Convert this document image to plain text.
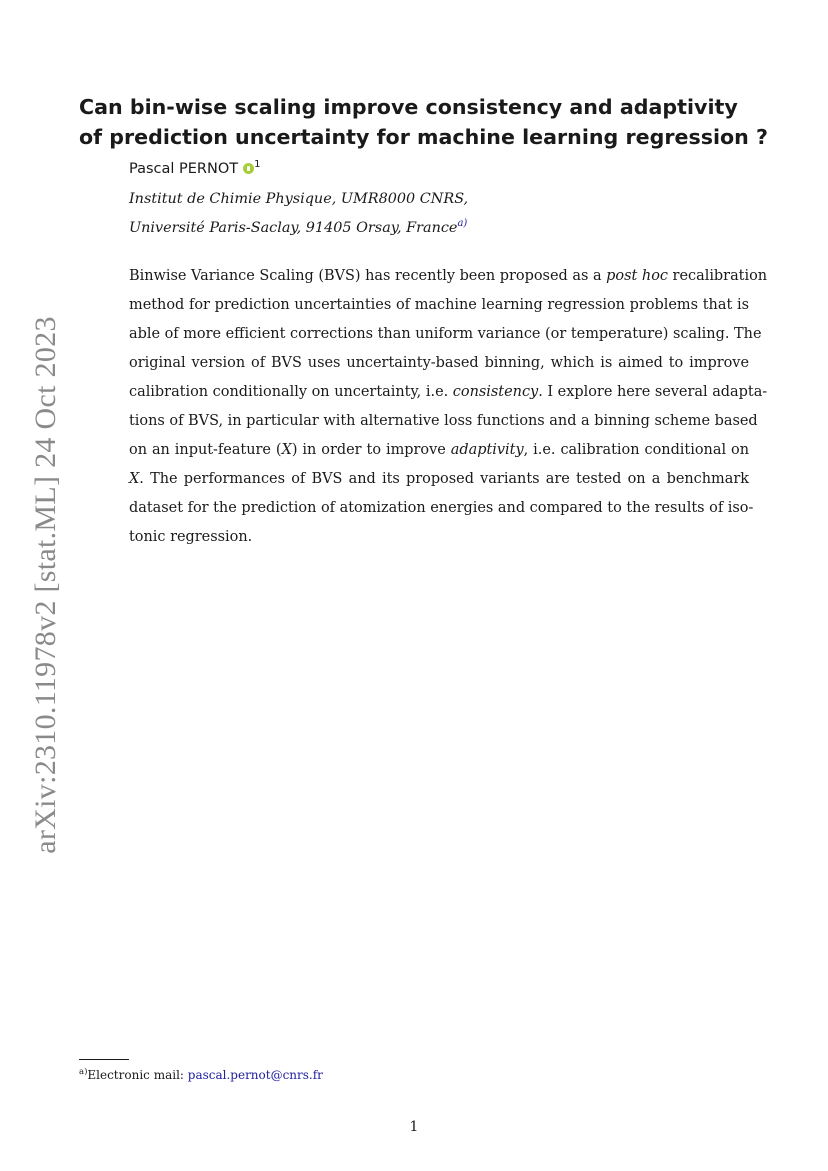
arXiv:2310.11978v2 [stat.ML] 24 Oct 2023
Can bin-wise scaling improve consistency and adaptivity
of prediction uncertainty for machine learning regression ?
Pascal PERNOT $^1$
Institut de Chimie Physique, UMR8000 CNRS,
Université Paris-Saclay, 91405 Orsay, France$^{a)}$
Binwise Variance Scaling (BVS) has recently been proposed as a post hoc recalibration
method for prediction uncertainties of machine learning regression problems that is
able of more efficient corrections than uniform variance (or temperature) scaling. The
original version of BVS uses uncertainty-based binning, which is aimed to improve
calibration conditionally on uncertainty, i.e. consistency. I explore here several adapta-
tions of BVS, in particular with alternative loss functions and a binning scheme based
on an input-feature (X) in order to improve adaptivity, i.e. calibration conditional on
X. The performances of BVS and its proposed variants are tested on a benchmark
dataset for the prediction of atomization energies and compared to the results of iso-
tonic regression.
$^{a)}$Electronic mail: pascal.pernot@cnrs.fr
1
